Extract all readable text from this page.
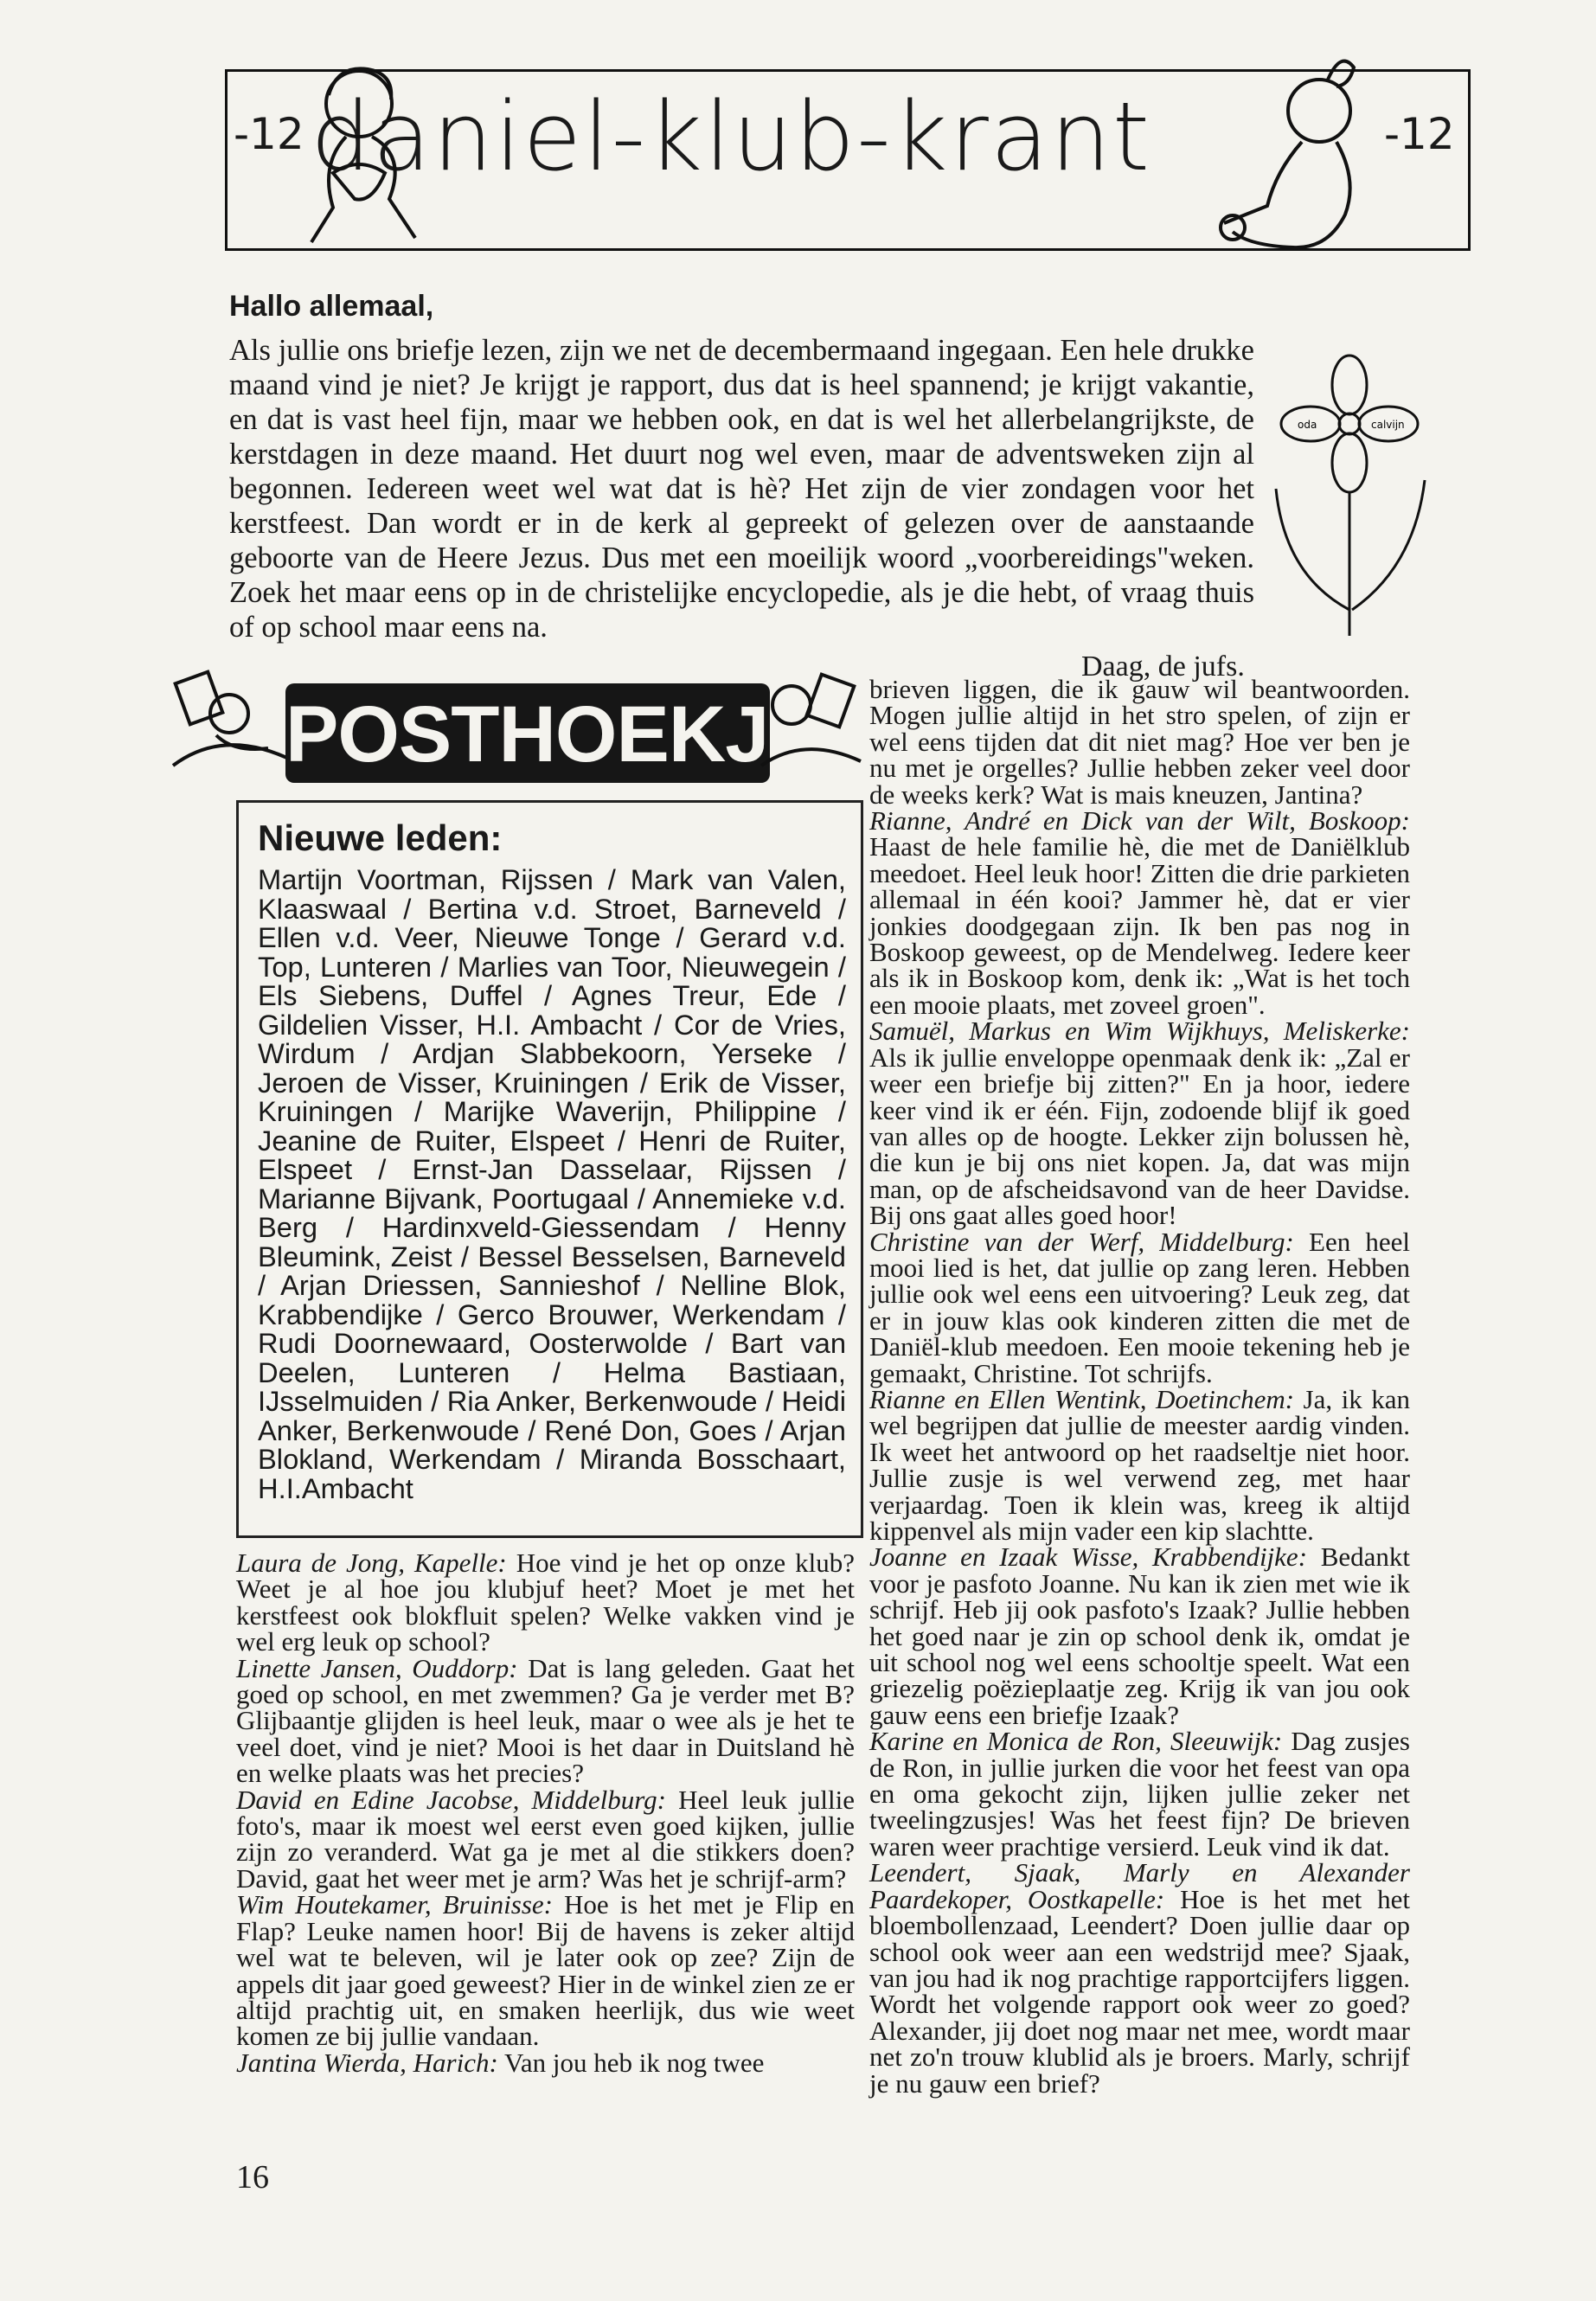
-12	-12
daniel-klub-krant
Hallo allemaal,
Als jullie ons briefje lezen, zijn we net de decembermaand ingegaan. Een hele drukke maand vind je niet? Je krijgt je rapport, dus dat is heel spannend; je krijgt vakantie, en dat is vast heel fijn, maar we hebben ook, en dat is wel het allerbelangrijkste, de kerstdagen in deze maand. Het duurt nog wel even, maar de adventsweken zijn al begonnen. Iedereen weet wel wat dat is hè? Het zijn de vier zondagen voor het kerstfeest. Dan wordt er in de kerk al gepreekt of gelezen over de aanstaande geboorte van de Heere Jezus. Dus met een moeilijk woord „voorbereidings"weken. Zoek het maar eens op in de christelijke encyclopedie, als je die hebt, of vraag thuis of op school maar eens na.
Daag, de jufs.
oda	calvijn
POSTHOEKJE
Nieuwe leden:
Martijn Voortman, Rijssen / Mark van Valen, Klaaswaal / Bertina v.d. Stroet, Barneveld / Ellen v.d. Veer, Nieuwe Tonge / Gerard v.d. Top, Lunteren / Marlies van Toor, Nieuwegein / Els Siebens, Duffel / Agnes Treur, Ede / Gildelien Visser, H.I. Ambacht / Cor de Vries, Wirdum / Ardjan Slabbekoorn, Yerseke / Jeroen de Visser, Kruiningen / Erik de Visser, Kruiningen / Marijke Waverijn, Philippine / Jeanine de Ruiter, Elspeet / Henri de Ruiter, Elspeet / Ernst-Jan Dasselaar, Rijssen / Marianne Bijvank, Poortugaal / Annemieke v.d. Berg / Hardinxveld-Giessendam / Henny Bleumink, Zeist / Bessel Besselsen, Barneveld / Arjan Driessen, Sannieshof / Nelline Blok, Krabbendijke / Gerco Brouwer, Werkendam / Rudi Doornewaard, Oosterwolde / Bart van Deelen, Lunteren / Helma Bastiaan, IJsselmuiden / Ria Anker, Berkenwoude / Heidi Anker, Berkenwoude / René Don, Goes / Arjan Blokland, Werkendam / Miranda Bosschaart, H.I.Ambacht

Laura de Jong, Kapelle: Hoe vind je het op onze klub? Weet je al hoe jou klubjuf heet? Moet je met het kerstfeest ook blokfluit spelen? Welke vakken vind je wel erg leuk op school?

Linette Jansen, Ouddorp: Dat is lang geleden. Gaat het goed op school, en met zwemmen? Ga je verder met B? Glijbaantje glijden is heel leuk, maar o wee als je het te veel doet, vind je niet? Mooi is het daar in Duitsland hè en welke plaats was het precies?

David en Edine Jacobse, Middelburg: Heel leuk jullie foto's, maar ik moest wel eerst even goed kijken, jullie zijn zo veranderd. Wat ga je met al die stikkers doen? David, gaat het weer met je arm? Was het je schrijf-arm?

Wim Houtekamer, Bruinisse: Hoe is het met je Flip en Flap? Leuke namen hoor! Bij de havens is zeker altijd wel wat te beleven, wil je later ook op zee? Zijn de appels dit jaar goed geweest? Hier in de winkel zien ze er altijd prachtig uit, en smaken heerlijk, dus wie weet komen ze bij jullie vandaan.

Jantina Wierda, Harich: Van jou heb ik nog twee

brieven liggen, die ik gauw wil beantwoorden. Mogen jullie altijd in het stro spelen, of zijn er wel eens tijden dat dit niet mag? Hoe ver ben je nu met je orgelles? Jullie hebben zeker veel door de weeks kerk? Wat is mais kneuzen, Jantina?

Rianne, André en Dick van der Wilt, Boskoop: Haast de hele familie hè, die met de Daniëlklub meedoet. Heel leuk hoor! Zitten die drie parkieten allemaal in één kooi? Jammer hè, dat er vier jonkies doodgegaan zijn. Ik ben pas nog in Boskoop geweest, op de Mendelweg. Iedere keer als ik in Boskoop kom, denk ik: „Wat is het toch een mooie plaats, met zoveel groen".

Samuël, Markus en Wim Wijkhuys, Meliskerke: Als ik jullie enveloppe openmaak denk ik: „Zal er weer een briefje bij zitten?" En ja hoor, iedere keer vind ik er één. Fijn, zodoende blijf ik goed van alles op de hoogte. Lekker zijn bolussen hè, die kun je bij ons niet kopen. Ja, dat was mijn man, op de afscheidsavond van de heer Davidse. Bij ons gaat alles goed hoor!

Christine van der Werf, Middelburg: Een heel mooi lied is het, dat jullie op zang leren. Hebben jullie ook wel eens een uitvoering? Leuk zeg, dat er in jouw klas ook kinderen zitten die met de Daniël-klub meedoen. Een mooie tekening heb je gemaakt, Christine. Tot schrijfs.

Rianne en Ellen Wentink, Doetinchem: Ja, ik kan wel begrijpen dat jullie de meester aardig vinden. Ik weet het antwoord op het raadseltje niet hoor. Jullie zusje is wel verwend zeg, met haar verjaardag. Toen ik klein was, kreeg ik altijd kippenvel als mijn vader een kip slachtte.

Joanne en Izaak Wisse, Krabbendijke: Bedankt voor je pasfoto Joanne. Nu kan ik zien met wie ik schrijf. Heb jij ook pasfoto's Izaak? Jullie hebben het goed naar je zin op school denk ik, omdat je uit school nog wel eens schooltje speelt. Wat een griezelig poëzieplaatje zeg. Krijg ik van jou ook gauw eens een briefje Izaak?

Karine en Monica de Ron, Sleeuwijk: Dag zusjes de Ron, in jullie jurken die voor het feest van opa en oma gekocht zijn, lijken jullie zeker net tweelingzusjes! Was het feest fijn? De brieven waren weer prachtige versierd. Leuk vind ik dat.

Leendert, Sjaak, Marly en Alexander Paardekoper, Oostkapelle: Hoe is het met het bloembollenzaad, Leendert? Doen jullie daar op school ook weer aan een wedstrijd mee? Sjaak, van jou had ik nog prachtige rapportcijfers liggen. Wordt het volgende rapport ook weer zo goed? Alexander, jij doet nog maar net mee, wordt maar net zo'n trouw klublid als je broers. Marly, schrijf je nu gauw een brief?

16
